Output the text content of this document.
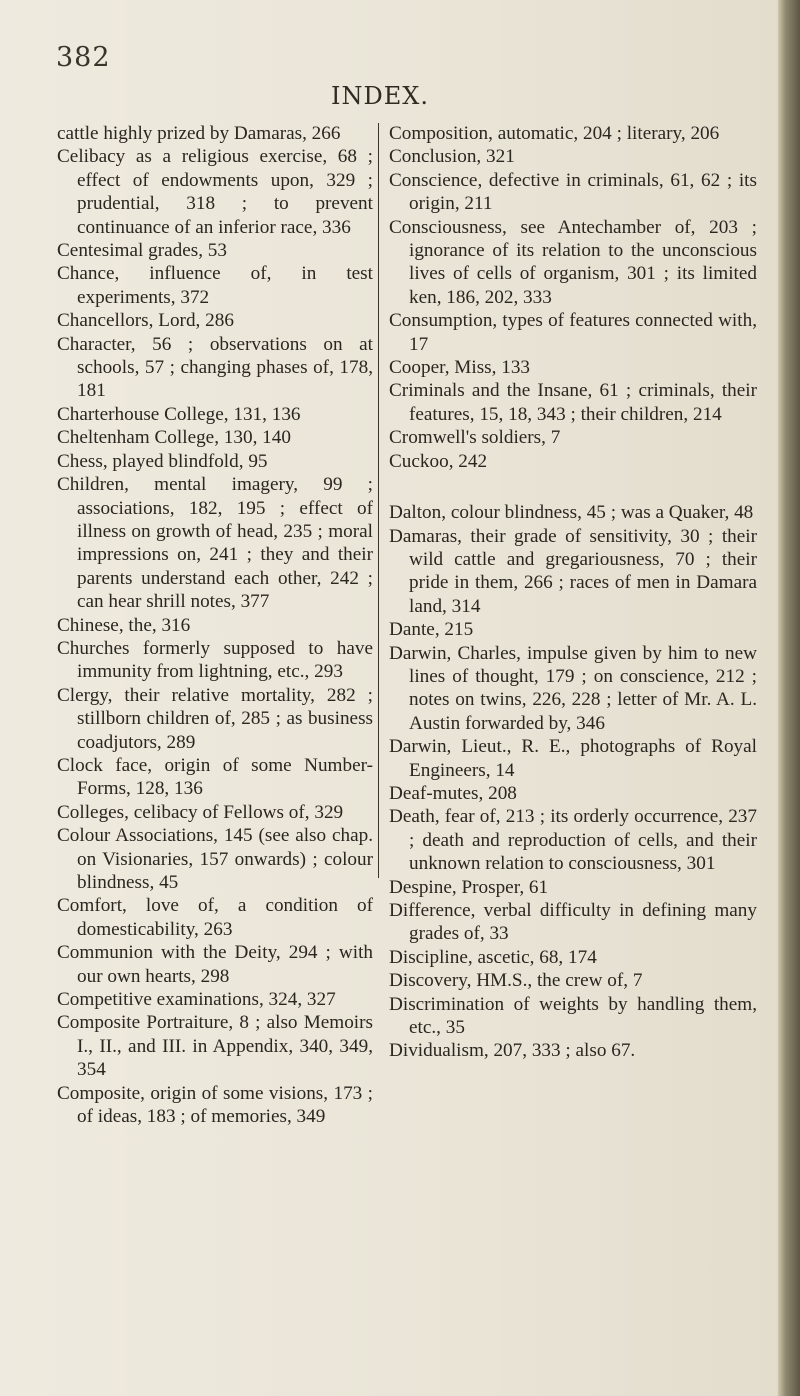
382
INDEX.

cattle highly prized by Damaras, 266

Celibacy as a religious exercise, 68 ; effect of endowments upon, 329 ; prudential, 318 ; to prevent continuance of an inferior race, 336

Centesimal grades, 53

Chance, influence of, in test experiments, 372

Chancellors, Lord, 286

Character, 56 ; observations on at schools, 57 ; changing phases of, 178, 181

Charterhouse College, 131, 136

Cheltenham College, 130, 140

Chess, played blindfold, 95

Children, mental imagery, 99 ; associations, 182, 195 ; effect of illness on growth of head, 235 ; moral impressions on, 241 ; they and their parents understand each other, 242 ; can hear shrill notes, 377

Chinese, the, 316

Churches formerly supposed to have immunity from lightning, etc., 293

Clergy, their relative mortality, 282 ; stillborn children of, 285 ; as business coadjutors, 289

Clock face, origin of some Number-Forms, 128, 136

Colleges, celibacy of Fellows of, 329

Colour Associations, 145 (see also chap. on Visionaries, 157 onwards) ; colour blindness, 45

Comfort, love of, a condition of domesticability, 263

Communion with the Deity, 294 ; with our own hearts, 298

Competitive examinations, 324, 327

Composite Portraiture, 8 ; also Memoirs I., II., and III. in Appendix, 340, 349, 354

Composite, origin of some visions, 173 ; of ideas, 183 ; of memories, 349

Composition, automatic, 204 ; literary, 206

Conclusion, 321

Conscience, defective in criminals, 61, 62 ; its origin, 211

Consciousness, see Antechamber of, 203 ; ignorance of its relation to the unconscious lives of cells of organism, 301 ; its limited ken, 186, 202, 333

Consumption, types of features connected with, 17

Cooper, Miss, 133

Criminals and the Insane, 61 ; criminals, their features, 15, 18, 343 ; their children, 214

Cromwell's soldiers, 7

Cuckoo, 242

Dalton, colour blindness, 45 ; was a Quaker, 48

Damaras, their grade of sensitivity, 30 ; their wild cattle and gregariousness, 70 ; their pride in them, 266 ; races of men in Damara land, 314

Dante, 215

Darwin, Charles, impulse given by him to new lines of thought, 179 ; on conscience, 212 ; notes on twins, 226, 228 ; letter of Mr. A. L. Austin forwarded by, 346

Darwin, Lieut., R. E., photographs of Royal Engineers, 14

Deaf-mutes, 208

Death, fear of, 213 ; its orderly occurrence, 237 ; death and reproduction of cells, and their unknown relation to consciousness, 301

Despine, Prosper, 61

Difference, verbal difficulty in defining many grades of, 33

Discipline, ascetic, 68, 174

Discovery, HM.S., the crew of, 7

Discrimination of weights by handling them, etc., 35

Dividualism, 207, 333 ; also 67.
